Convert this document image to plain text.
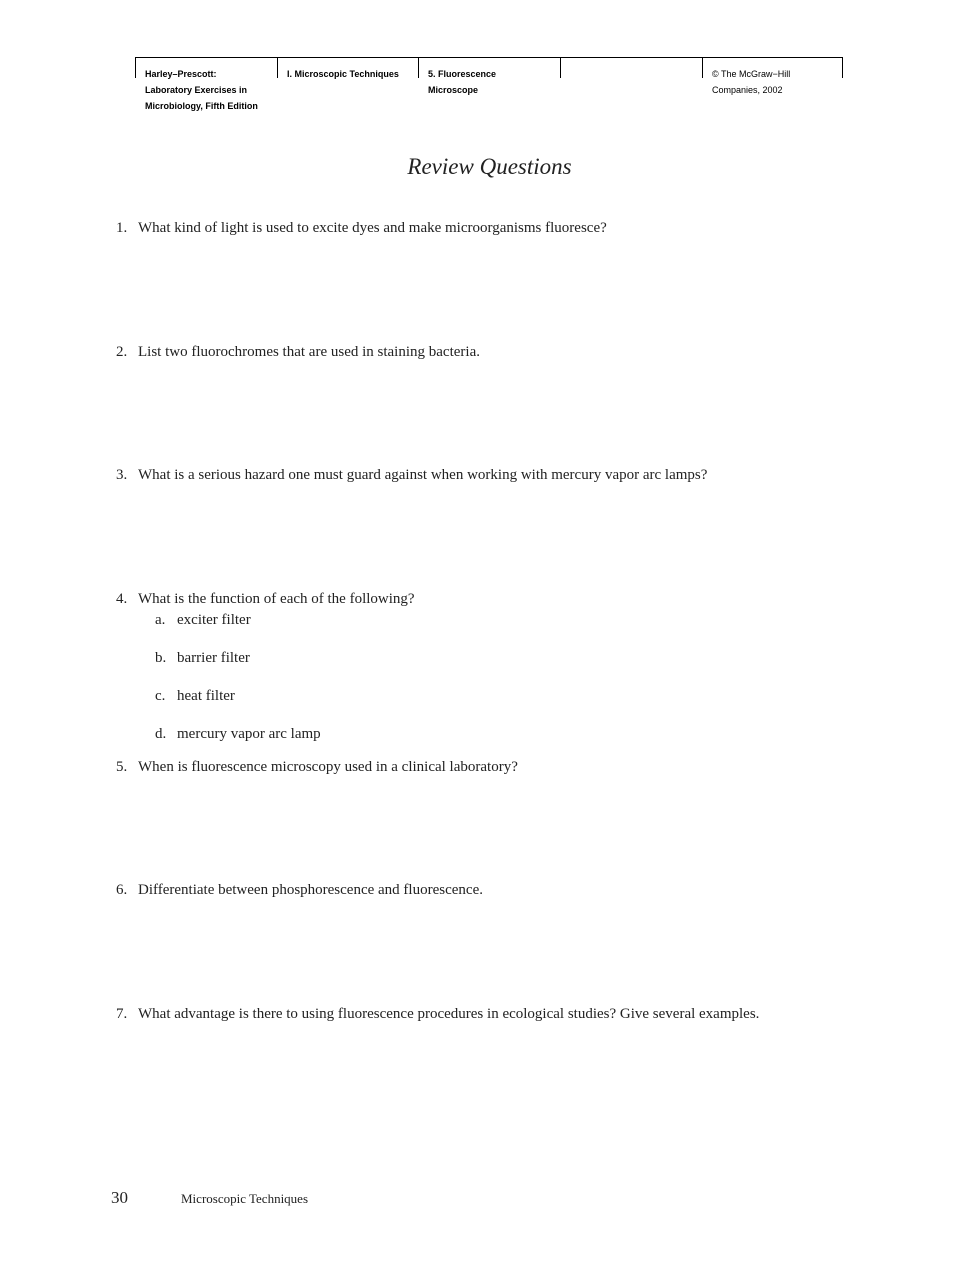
Harley–Prescott:
Laboratory Exercises in
Microbiology, Fifth Edition
I. Microscopic Techniques	5. Fluorescence
Microscope
© The McGraw−Hill
Companies, 2002
Review Questions
1. What kind of light is used to excite dyes and make microorganisms fluoresce?
2. List two fluorochromes that are used in staining bacteria.
3. What is a serious hazard one must guard against when working with mercury vapor arc lamps?
4. What is the function of each of the following?
a. exciter filter
b. barrier filter
c. heat filter
d. mercury vapor arc lamp
5. When is fluorescence microscopy used in a clinical laboratory?
6. Differentiate between phosphorescence and fluorescence.
7. What advantage is there to using fluorescence procedures in ecological studies? Give several examples.
30	Microscopic Techniques
